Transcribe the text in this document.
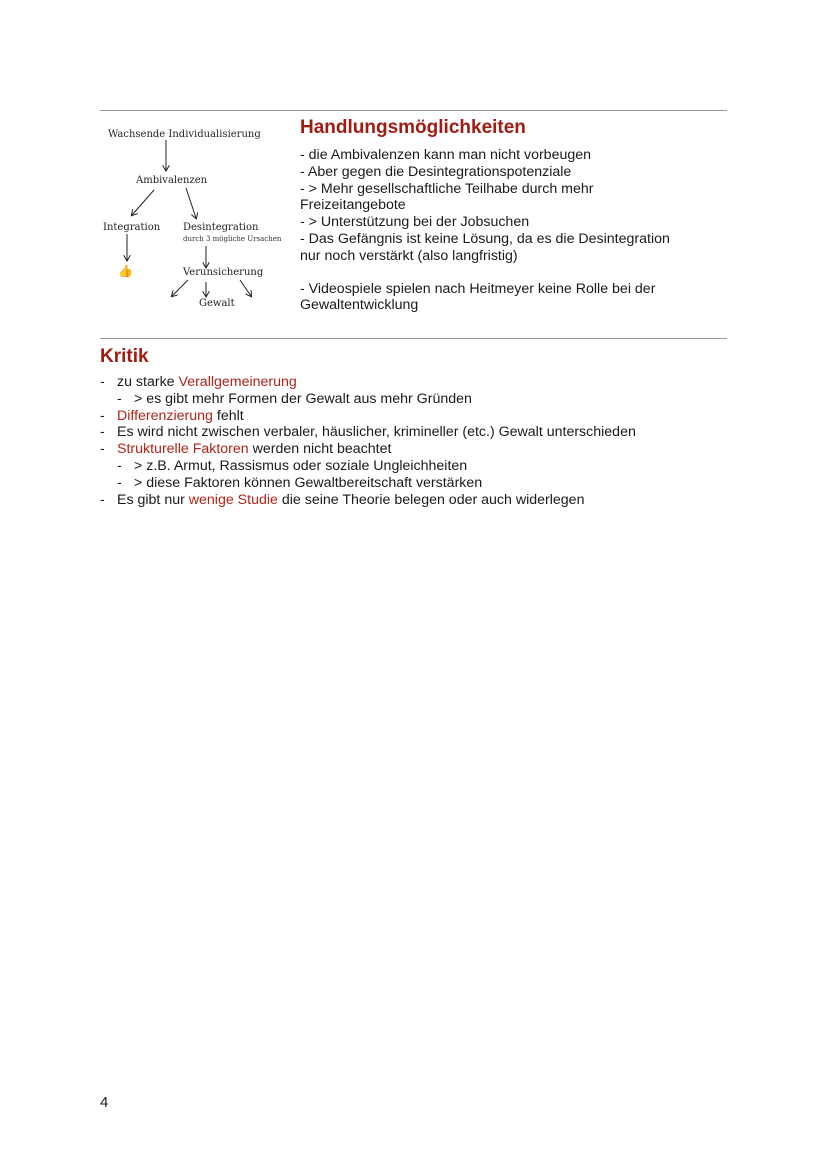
Wachsende Individualisierung
Ambivalenzen
Integration Desintegration
durch 3 mögliche Ursachen
👍	Verunsicherung
Gewalt
Handlungsmöglichkeiten
- die Ambivalenzen kann man nicht vorbeugen
- Aber gegen die Desintegrationspotenziale
- > Mehr gesellschaftliche Teilhabe durch mehr
Freizeitangebote
- > Unterstützung bei der Jobsuchen
- Das Gefängnis ist keine Lösung, da es die Desintegration
nur noch verstärkt (also langfristig)
- Videospiele spielen nach Heitmeyer keine Rolle bei der
Gewaltentwicklung
Kritik
- zu starke Verallgemeinerung
- > es gibt mehr Formen der Gewalt aus mehr Gründen
- Differenzierung fehlt
- Es wird nicht zwischen verbaler, häuslicher, krimineller (etc.) Gewalt unterschieden
- Strukturelle Faktoren werden nicht beachtet
- > z.B. Armut, Rassismus oder soziale Ungleichheiten
- > diese Faktoren können Gewaltbereitschaft verstärken
- Es gibt nur wenige Studie die seine Theorie belegen oder auch widerlegen
4
